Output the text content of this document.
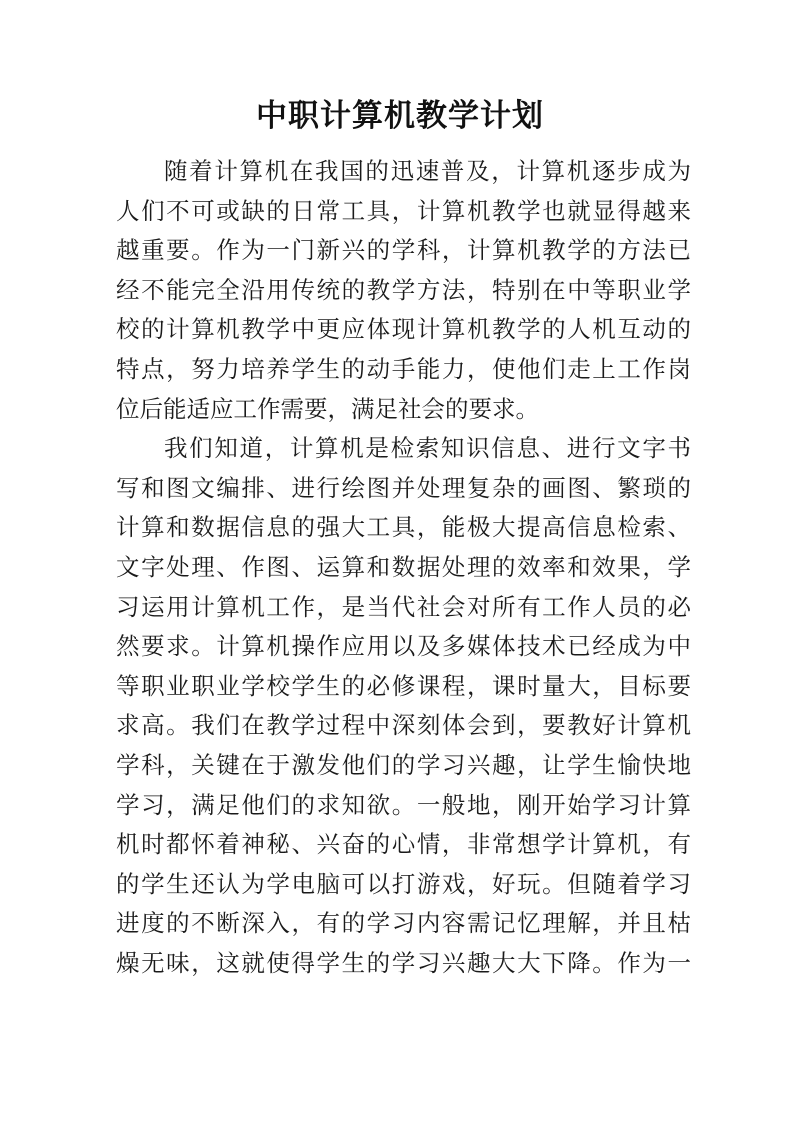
中职计算机教学计划
随着计算机在我国的迅速普及，计算机逐步成为
人们不可或缺的日常工具，计算机教学也就显得越来
越重要。作为一门新兴的学科，计算机教学的方法已
经不能完全沿用传统的教学方法，特别在中等职业学
校的计算机教学中更应体现计算机教学的人机互动的
特点，努力培养学生的动手能力，使他们走上工作岗
位后能适应工作需要，满足社会的要求。
我们知道，计算机是检索知识信息、进行文字书
写和图文编排、进行绘图并处理复杂的画图、繁琐的
计算和数据信息的强大工具，能极大提高信息检索、
文字处理、作图、运算和数据处理的效率和效果，学
习运用计算机工作，是当代社会对所有工作人员的必
然要求。计算机操作应用以及多媒体技术已经成为中
等职业职业学校学生的必修课程，课时量大，目标要
求高。我们在教学过程中深刻体会到，要教好计算机
学科，关键在于激发他们的学习兴趣，让学生愉快地
学习，满足他们的求知欲。一般地，刚开始学习计算
机时都怀着神秘、兴奋的心情，非常想学计算机，有
的学生还认为学电脑可以打游戏，好玩。但随着学习
进度的不断深入，有的学习内容需记忆理解，并且枯
燥无味，这就使得学生的学习兴趣大大下降。作为一
